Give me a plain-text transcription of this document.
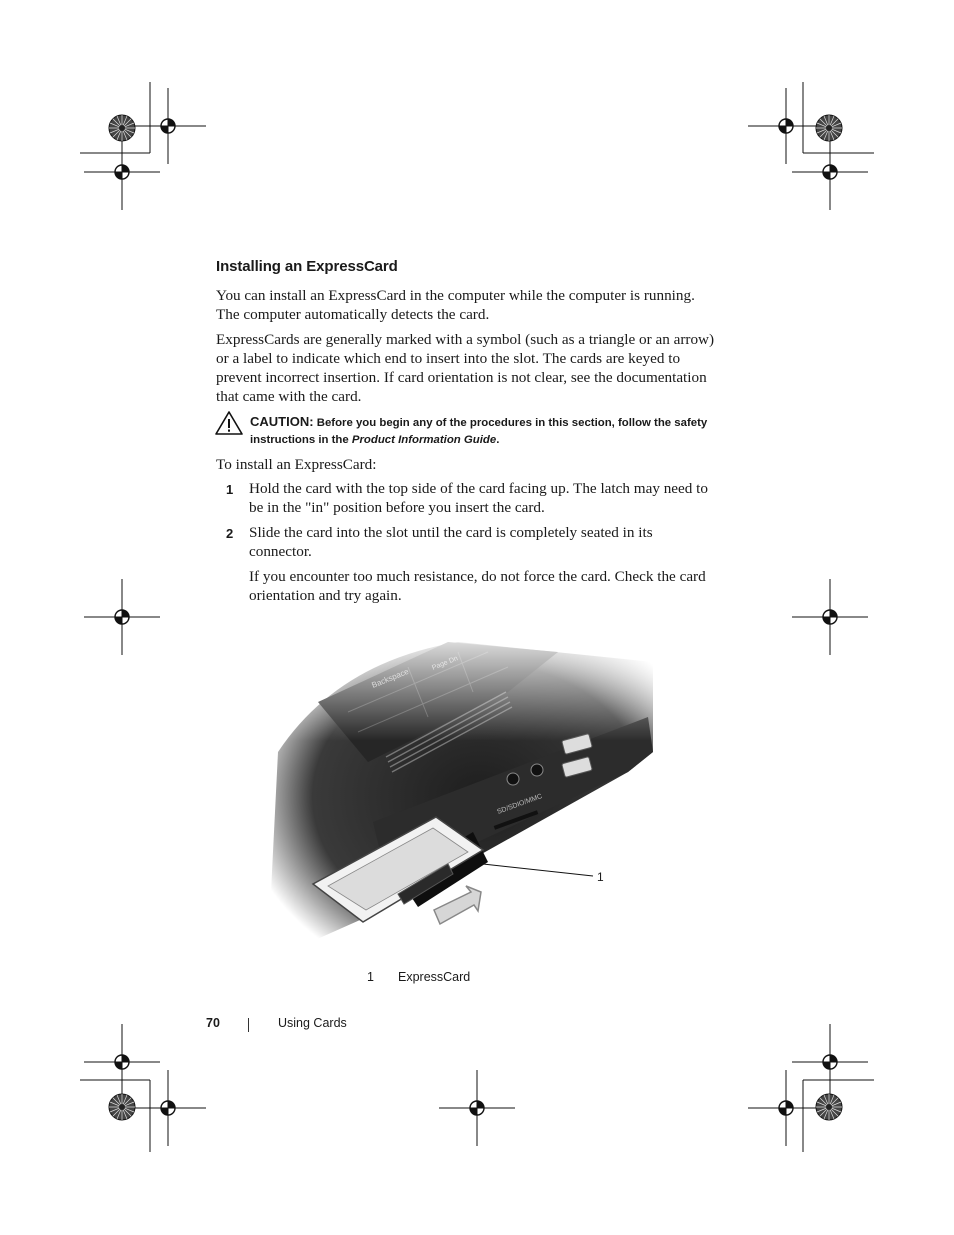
Installing an ExpressCard

You can install an ExpressCard in the computer while the computer is running. The computer automatically detects the card.

ExpressCards are generally marked with a symbol (such as a triangle or an arrow) or a label to indicate which end to insert into the slot. The cards are keyed to prevent incorrect insertion. If card orientation is not clear, see the documentation that came with the card.

CAUTION: Before you begin any of the procedures in this section, follow the safety instructions in the Product Information Guide.

To install an ExpressCard:

1 Hold the card with the top side of the card facing up. The latch may need to be in the "in" position before you insert the card.
2 Slide the card into the slot until the card is completely seated in its connector.
If you encounter too much resistance, do not force the card. Check the card orientation and try again.
1
1 ExpressCard
70	Using Cards
